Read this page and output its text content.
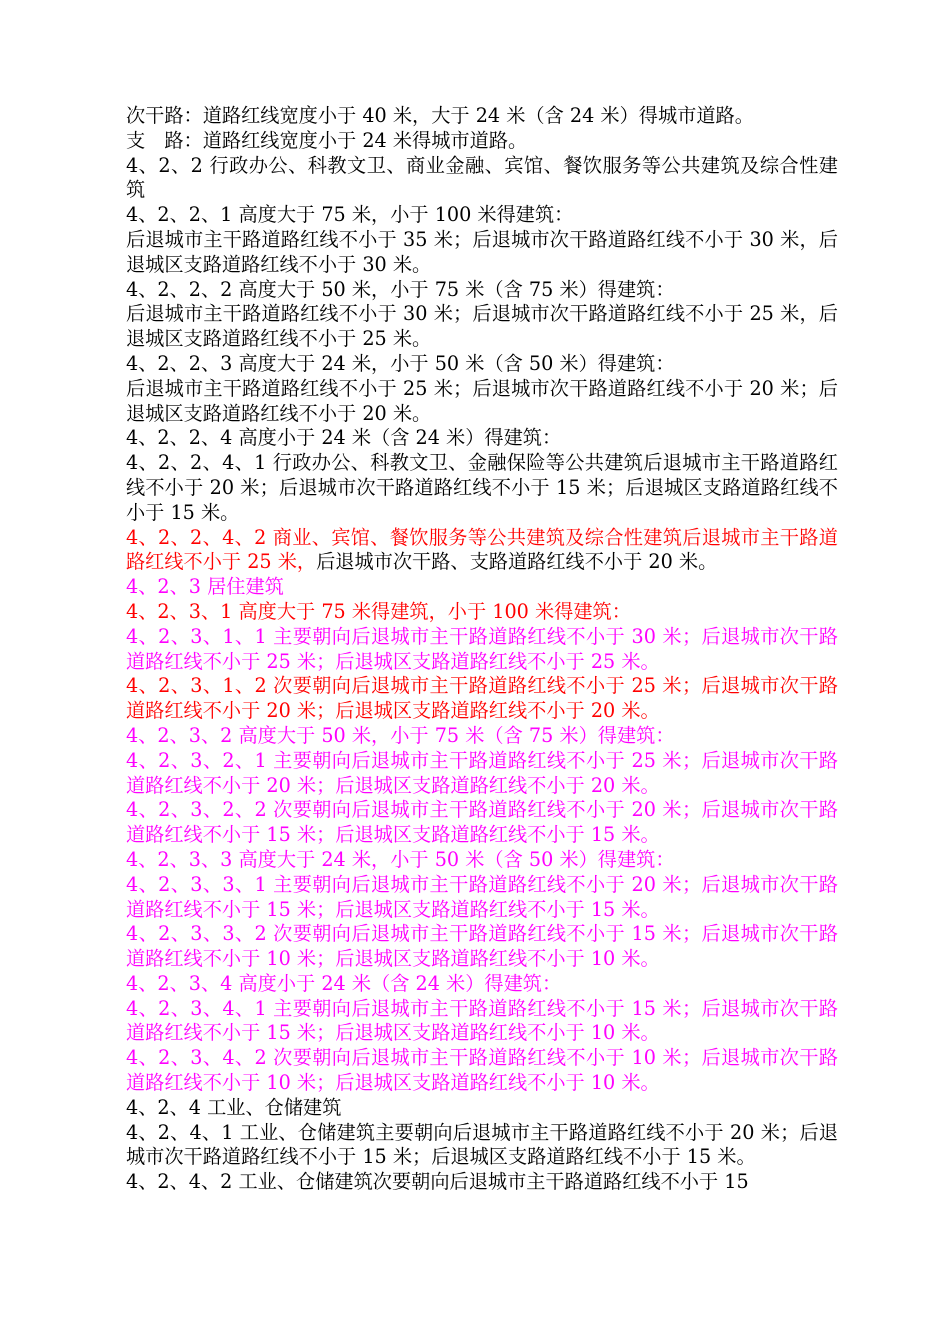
次干路：道路红线宽度小于 40 米，大于 24 米（含 24 米）得城市道路。

支　路：道路红线宽度小于 24 米得城市道路。

4、2、2 行政办公、科教文卫、商业金融、宾馆、餐饮服务等公共建筑及综合性建筑

4、2、2、1 高度大于 75 米，小于 100 米得建筑：

后退城市主干路道路红线不小于 35 米；后退城市次干路道路红线不小于 30 米，后退城区支路道路红线不小于 30 米。

4、2、2、2 高度大于 50 米，小于 75 米（含 75 米）得建筑：

后退城市主干路道路红线不小于 30 米；后退城市次干路道路红线不小于 25 米，后退城区支路道路红线不小于 25 米。

4、2、2、3 高度大于 24 米，小于 50 米（含 50 米）得建筑：

后退城市主干路道路红线不小于 25 米；后退城市次干路道路红线不小于 20 米；后退城区支路道路红线不小于 20 米。

4、2、2、4 高度小于 24 米（含 24 米）得建筑：

4、2、2、4、1 行政办公、科教文卫、金融保险等公共建筑后退城市主干路道路红线不小于 20 米；后退城市次干路道路红线不小于 15 米；后退城区支路道路红线不小于 15 米。

4、2、2、4、2 商业、宾馆、餐饮服务等公共建筑及综合性建筑后退城市主干路道路红线不小于 25 米，后退城市次干路、支路道路红线不小于 20 米。

4、2、3 居住建筑

4、2、3、1 高度大于 75 米得建筑，小于 100 米得建筑：

4、2、3、1、1 主要朝向后退城市主干路道路红线不小于 30 米；后退城市次干路道路红线不小于 25 米；后退城区支路道路红线不小于 25 米。

4、2、3、1、2 次要朝向后退城市主干路道路红线不小于 25 米；后退城市次干路道路红线不小于 20 米；后退城区支路道路红线不小于 20 米。

4、2、3、2 高度大于 50 米，小于 75 米（含 75 米）得建筑：

4、2、3、2、1 主要朝向后退城市主干路道路红线不小于 25 米；后退城市次干路道路红线不小于 20 米；后退城区支路道路红线不小于 20 米。

4、2、3、2、2 次要朝向后退城市主干路道路红线不小于 20 米；后退城市次干路道路红线不小于 15 米；后退城区支路道路红线不小于 15 米。

4、2、3、3 高度大于 24 米，小于 50 米（含 50 米）得建筑：

4、2、3、3、1 主要朝向后退城市主干路道路红线不小于 20 米；后退城市次干路道路红线不小于 15 米；后退城区支路道路红线不小于 15 米。

4、2、3、3、2 次要朝向后退城市主干路道路红线不小于 15 米；后退城市次干路道路红线不小于 10 米；后退城区支路道路红线不小于 10 米。

4、2、3、4 高度小于 24 米（含 24 米）得建筑：

4、2、3、4、1 主要朝向后退城市主干路道路红线不小于 15 米；后退城市次干路道路红线不小于 15 米；后退城区支路道路红线不小于 10 米。

4、2、3、4、2 次要朝向后退城市主干路道路红线不小于 10 米；后退城市次干路道路红线不小于 10 米；后退城区支路道路红线不小于 10 米。

4、2、4 工业、仓储建筑

4、2、4、1 工业、仓储建筑主要朝向后退城市主干路道路红线不小于 20 米；后退城市次干路道路红线不小于 15 米；后退城区支路道路红线不小于 15 米。

4、2、4、2 工业、仓储建筑次要朝向后退城市主干路道路红线不小于 15
